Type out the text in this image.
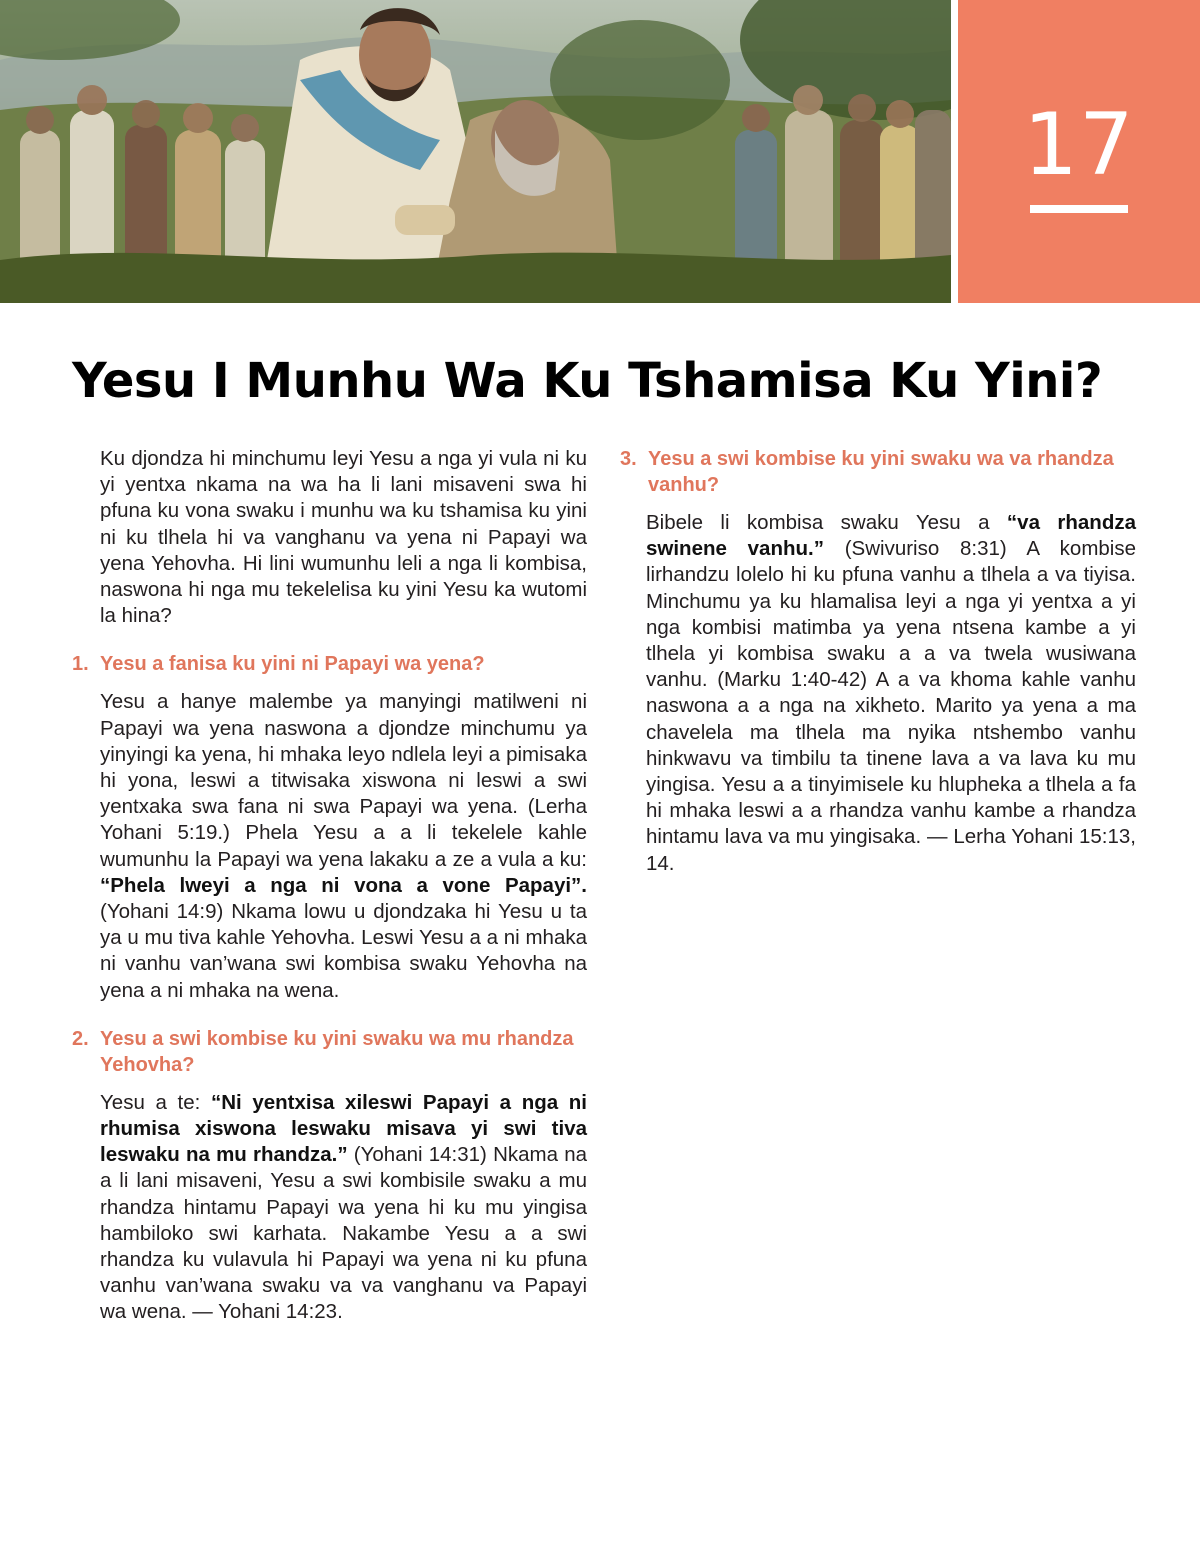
17
Yesu I Munhu Wa Ku Tshamisa Ku Yini?

Ku djondza hi minchumu leyi Yesu a nga yi vula ni ku yi yentxa nkama na wa ha li lani misaveni swa hi pfuna ku vona swaku i munhu wa ku tshamisa ku yini ni ku tlhela hi va vanghanu va yena ni Papayi wa yena Yehovha. Hi lini wumunhu leli a nga li kombisa, naswona hi nga mu tekelelisa ku yini Yesu ka wutomi la hina?

1. Yesu a fanisa ku yini ni Papayi wa yena?

Yesu a hanye malembe ya manyingi matilweni ni Papayi wa yena naswona a djondze minchumu ya yinyingi ka yena, hi mhaka leyo ndlela leyi a pimisaka hi yona, leswi a titwisaka xiswona ni leswi a swi yentxaka swa fana ni swa Papayi wa yena. (Lerha Yohani 5:19.) Phela Yesu a a li tekelele kahle wumunhu la Papayi wa yena lakaku a ze a vula a ku: “Phela lweyi a nga ni vona a vone Papayi”. (Yohani 14:9) Nkama lowu u djondzaka hi Yesu u ta ya u mu tiva kahle Yehovha. Leswi Yesu a a ni mhaka ni vanhu van’wana swi kombisa swaku Yehovha na yena a ni mhaka na wena.

2. Yesu a swi kombise ku yini swaku wa mu rhandza Yehovha?

Yesu a te: “Ni yentxisa xileswi Papayi a nga ni rhumisa xiswona leswaku misava yi swi tiva leswaku na mu rhandza.” (Yohani 14:31) Nkama na a li lani misaveni, Yesu a swi kombisile swaku a mu rhandza hintamu Papayi wa yena hi ku mu yingisa hambiloko swi karhata. Nakambe Yesu a a swi rhandza ku vulavula hi Papayi wa yena ni ku pfuna vanhu van’wana swaku va va vanghanu va Papayi wa wena. — Yohani 14:23.

3. Yesu a swi kombise ku yini swaku wa va rhandza vanhu?

Bibele li kombisa swaku Yesu a “va rhandza swinene vanhu.” (Swivuriso 8:31) A kombise lirhandzu lolelo hi ku pfuna vanhu a tlhela a va tiyisa. Minchumu ya ku hlamalisa leyi a nga yi yentxa a yi nga kombisi matimba ya yena ntsena kambe a yi tlhela yi kombisa swaku a a va twela wusiwana vanhu. (Marku 1:40-42) A a va khoma kahle vanhu naswona a a nga na xikheto. Marito ya yena a ma chavelela ma tlhela ma nyika ntshembo vanhu hinkwavu va timbilu ta tinene lava a va lava ku mu yingisa. Yesu a a tinyimisele ku hlupheka a tlhela a fa hi mhaka leswi a a rhandza vanhu kambe a rhandza hintamu lava va mu yingisaka. — Lerha Yohani 15:13, 14.
